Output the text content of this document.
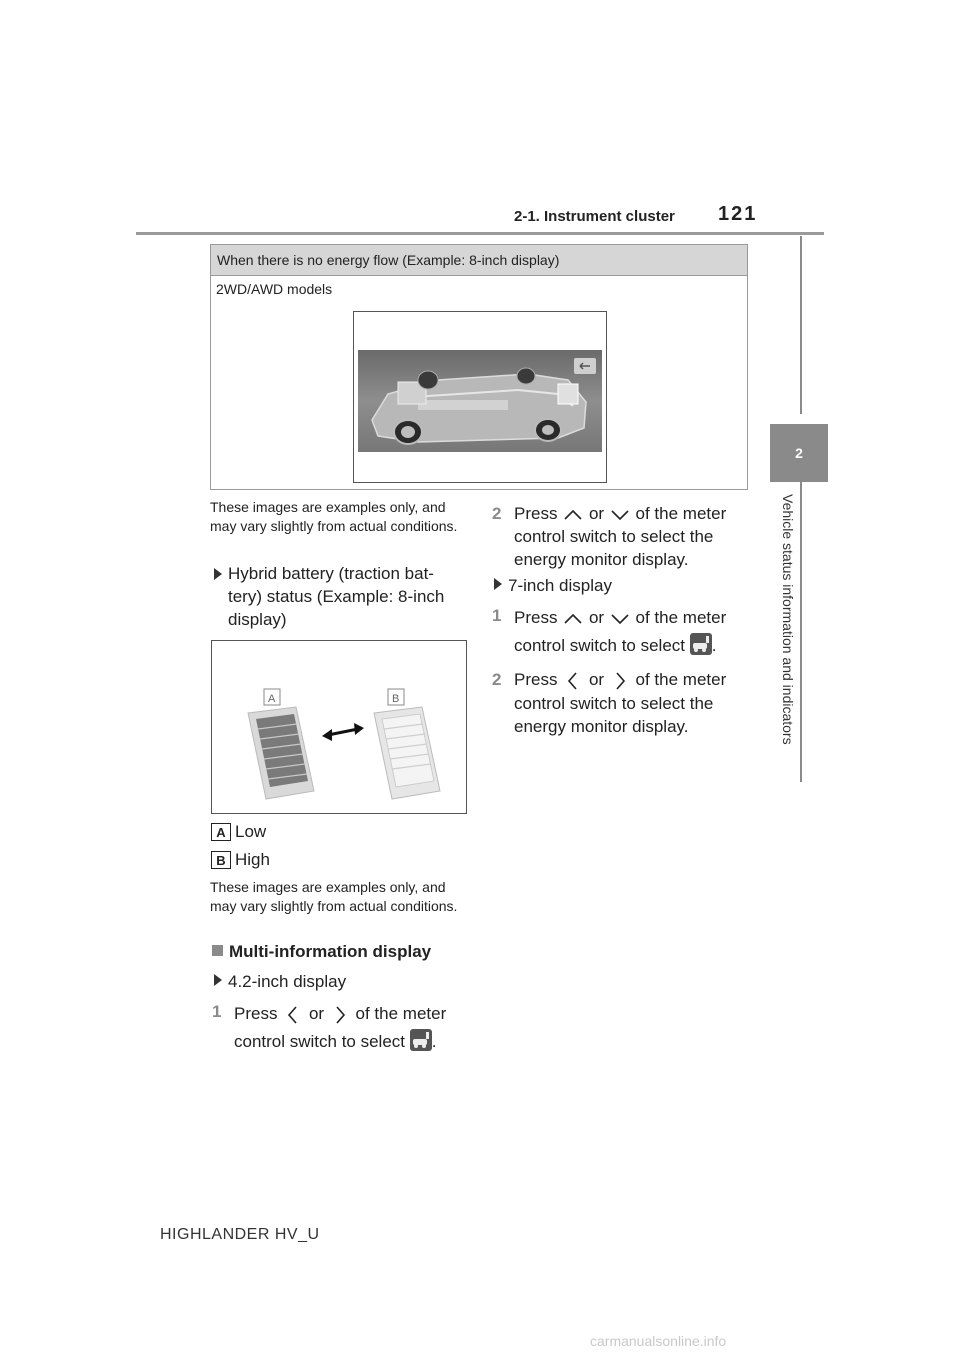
2-1. Instrument cluster 121
2
Vehicle status information and indicators
When there is no energy flow (Example: 8-inch display)
2WD/AWD models
These images are examples only, and may vary slightly from actual conditions.
Hybrid battery (traction bat-tery) status (Example: 8-inch display)
A	B
A Low
B High
These images are examples only, and may vary slightly from actual conditions.
Multi-information display
4.2-inch display
1 Press or of the meter
control switch to select .
2 Press or of the meter control switch to select the energy monitor display.
7-inch display
1 Press or of the meter
control switch to select .
2 Press or of the meter control switch to select the energy monitor display.
HIGHLANDER HV_U
carmanualsonline.info
